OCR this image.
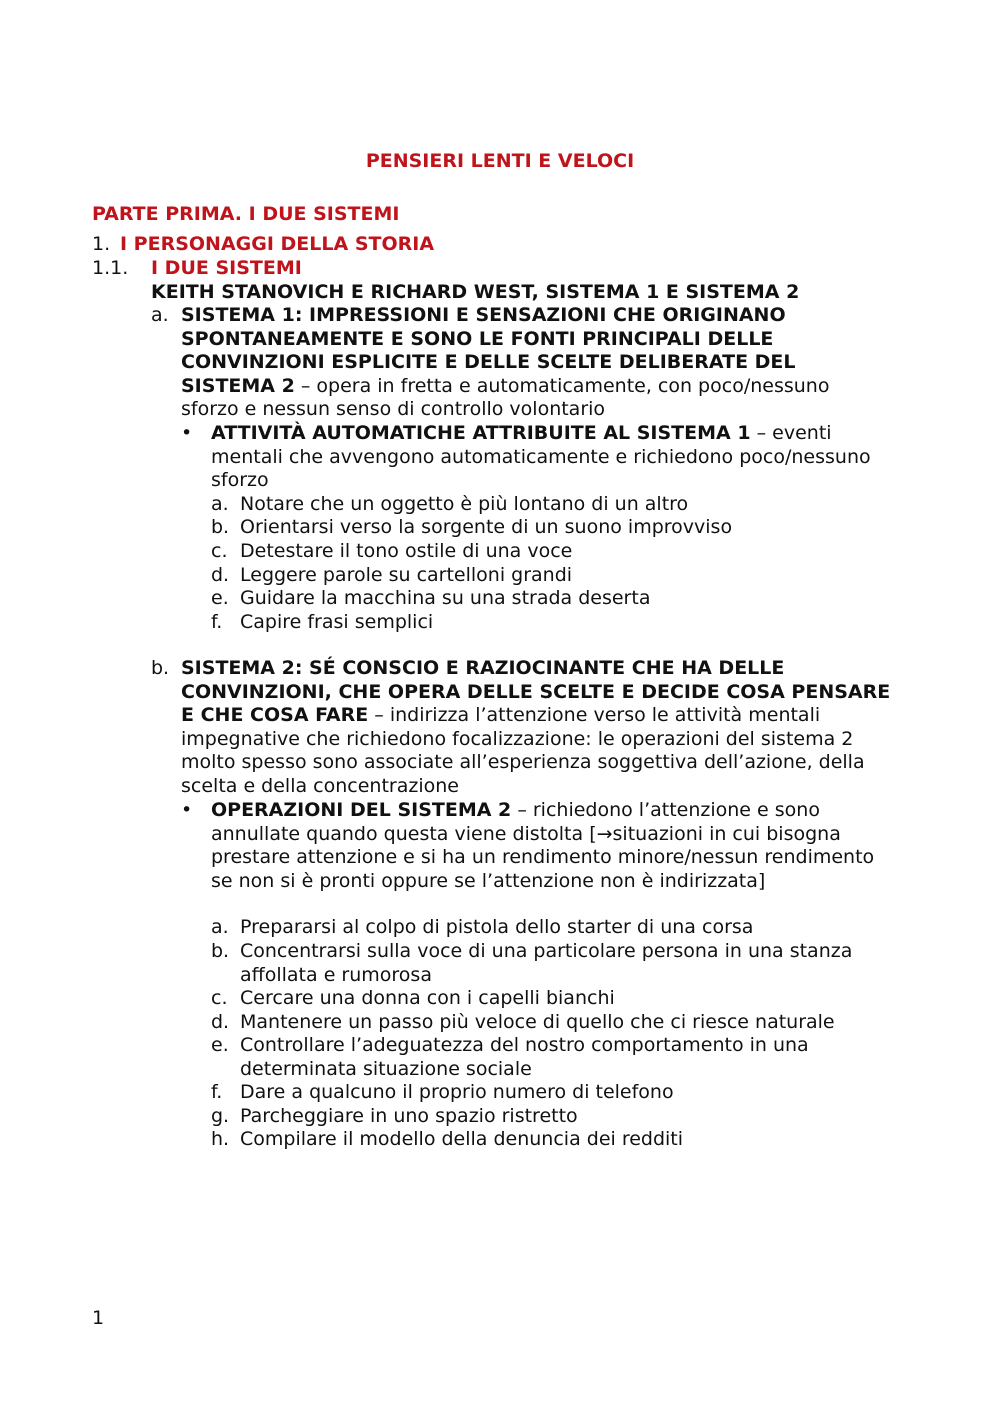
PENSIERI LENTI E VELOCI
PARTE PRIMA. I DUE SISTEMI
1. I PERSONAGGI DELLA STORIA
1.1. I DUE SISTEMI
KEITH STANOVICH E RICHARD WEST, SISTEMA 1 E SISTEMA 2
a. SISTEMA 1: IMPRESSIONI E SENSAZIONI CHE ORIGINANO SPONTANEAMENTE E SONO LE FONTI PRINCIPALI DELLE CONVINZIONI ESPLICITE E DELLE SCELTE DELIBERATE DEL SISTEMA 2 – opera in fretta e automaticamente, con poco/nessuno sforzo e nessun senso di controllo volontario
• ATTIVITÀ AUTOMATICHE ATTRIBUITE AL SISTEMA 1 – eventi mentali che avvengono automaticamente e richiedono poco/nessuno sforzo
a. Notare che un oggetto è più lontano di un altro
b. Orientarsi verso la sorgente di un suono improvviso
c. Detestare il tono ostile di una voce
d. Leggere parole su cartelloni grandi
e. Guidare la macchina su una strada deserta
f. Capire frasi semplici
b. SISTEMA 2: SÉ CONSCIO E RAZIOCINANTE CHE HA DELLE CONVINZIONI, CHE OPERA DELLE SCELTE E DECIDE COSA PENSARE E CHE COSA FARE – indirizza l’attenzione verso le attività mentali impegnative che richiedono focalizzazione: le operazioni del sistema 2 molto spesso sono associate all’esperienza soggettiva dell’azione, della scelta e della concentrazione
• OPERAZIONI DEL SISTEMA 2 – richiedono l’attenzione e sono annullate quando questa viene distolta [→situazioni in cui bisogna prestare attenzione e si ha un rendimento minore/nessun rendimento se non si è pronti oppure se l’attenzione non è indirizzata]
a. Prepararsi al colpo di pistola dello starter di una corsa
b. Concentrarsi sulla voce di una particolare persona in una stanza affollata e rumorosa
c. Cercare una donna con i capelli bianchi
d. Mantenere un passo più veloce di quello che ci riesce naturale
e. Controllare l’adeguatezza del nostro comportamento in una determinata situazione sociale
f. Dare a qualcuno il proprio numero di telefono
g. Parcheggiare in uno spazio ristretto
h. Compilare il modello della denuncia dei redditi
1
